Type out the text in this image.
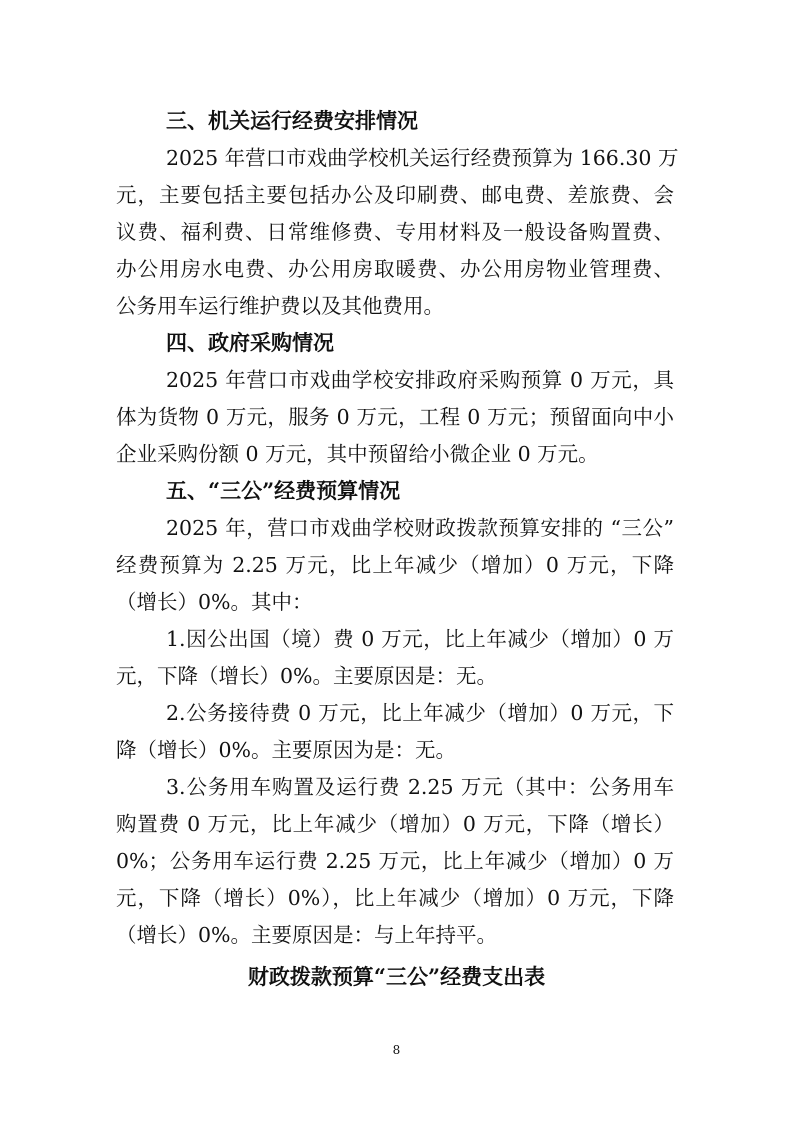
三、机关运行经费安排情况
2025 年营口市戏曲学校机关运行经费预算为 166.30 万
元，主要包括主要包括办公及印刷费、邮电费、差旅费、会
议费、福利费、日常维修费、专用材料及一般设备购置费、
办公用房水电费、办公用房取暖费、办公用房物业管理费、
公务用车运行维护费以及其他费用。
四、政府采购情况
2025 年营口市戏曲学校安排政府采购预算 0 万元，具
体为货物 0 万元，服务 0 万元，工程 0 万元；预留面向中小
企业采购份额 0 万元，其中预留给小微企业 0 万元。
五、“三公”经费预算情况
2025 年，营口市戏曲学校财政拨款预算安排的 “三公”
经费预算为 2.25 万元，比上年减少（增加）0 万元，下降
（增长）0%。其中：
1.因公出国（境）费 0 万元，比上年减少（增加）0 万
元，下降（增长）0%。主要原因是：无。
2.公务接待费 0 万元，比上年减少（增加）0 万元，下
降（增长）0%。主要原因为是：无。
3.公务用车购置及运行费 2.25 万元（其中：公务用车
购置费 0 万元，比上年减少（增加）0 万元，下降（增长）
0%；公务用车运行费 2.25 万元，比上年减少（增加）0 万
元，下降（增长）0%），比上年减少（增加）0 万元，下降
（增长）0%。主要原因是：与上年持平。
财政拨款预算“三公”经费支出表
8
